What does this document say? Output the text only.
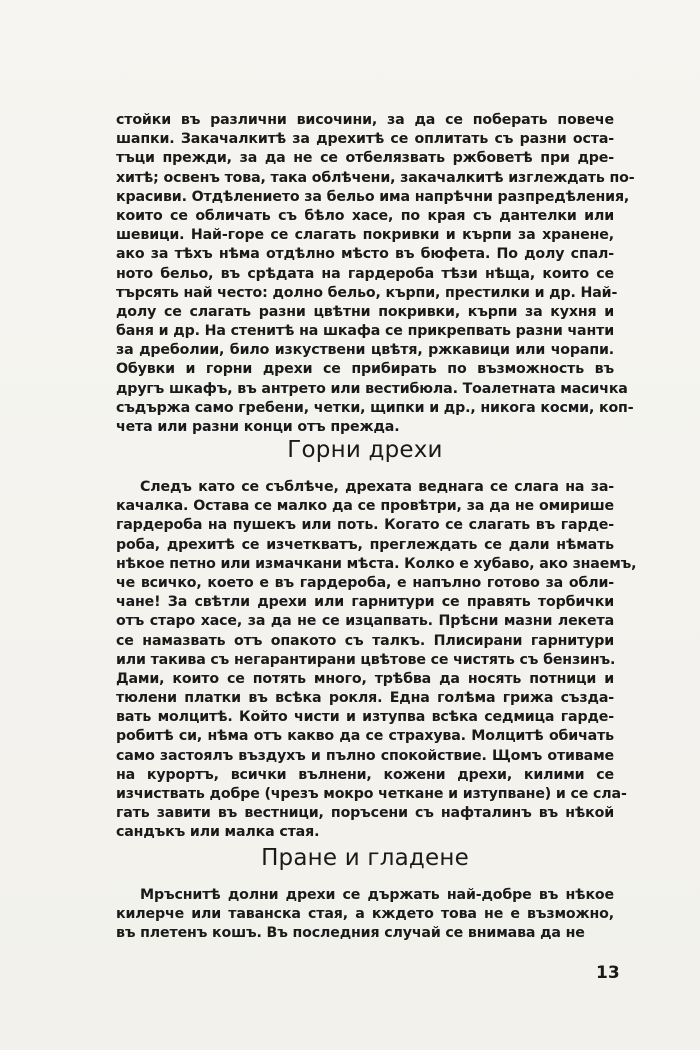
стойки въ различни височини, за да се поберать повече
шапки. Закачалкитѣ за дрехитѣ се оплитать съ разни оста-
тъци прежди, за да не се отбелязвать ржбоветѣ при дре-
хитѣ; освенъ това, така облѣчени, закачалкитѣ изглеждать по-
красиви. Отдѣлението за бельо има напрѣчни разпредѣления,
които се обличать съ бѣло хасе, по края съ дантелки или
шевици. Най-горе се слагать покривки и кърпи за хранене,
ако за тѣхъ нѣма отдѣлно мѣсто въ бюфета. По долу спал-
ното бельо, въ срѣдата на гардероба тѣзи нѣща, които се
търсять най често: долно бельо, кърпи, престилки и др. Най-
долу се слагать разни цвѣтни покривки, кърпи за кухня и
баня и др. На стенитѣ на шкафа се прикрепвать разни чанти
за дреболии, било изкуствени цвѣтя, ржкавици или чорапи.
Обувки и горни дрехи се прибирать по възможность въ
другъ шкафъ, въ антрето или вестибюла. Тоалетната масичка
съдържа само гребени, четки, щипки и др., никога косми, коп-
чета или разни конци отъ прежда.
Горни дрехи
Следъ като се съблѣче, дрехата веднага се слага на за-
качалка. Остава се малко да се провѣтри, за да не омирише
гардероба на пушекъ или поть. Когато се слагать въ гарде-
роба, дрехитѣ се изчеткватъ, преглеждать се дали нѣмать
нѣкое петно или измачкани мѣста. Колко е хубаво, ако знаемъ,
че всичко, което е въ гардероба, е напълно готово за обли-
чане! За свѣтли дрехи или гарнитури се правять торбички
отъ старо хасе, за да не се изцапвать. Прѣсни мазни лекета
се намазвать отъ опакото съ талкъ. Плисирани гарнитури
или такива съ негарантирани цвѣтове се чистять съ бензинъ.
Дами, които се потять много, трѣбва да носять потници и
тюлени платки въ всѣка рокля. Една голѣма грижа създа-
вать молцитѣ. Който чисти и изтупва всѣка седмица гарде-
робитѣ си, нѣма отъ какво да се страхува. Молцитѣ обичать
само застоялъ въздухъ и пълно спокойствие. Щомъ отиваме
на курортъ, всички вълнени, кожени дрехи, килими се
изчиствать добре (чрезъ мокро четкане и изтупване) и се сла-
гать завити въ вестници, поръсени съ нафталинъ въ нѣкой
сандъкъ или малка стая.
Пране и гладене
Мръснитѣ долни дрехи се държать най-добре въ нѣкое
килерче или таванска стая, а кждето това не е възможно,
въ плетенъ кошъ. Въ последния случай се внимава да не
13
